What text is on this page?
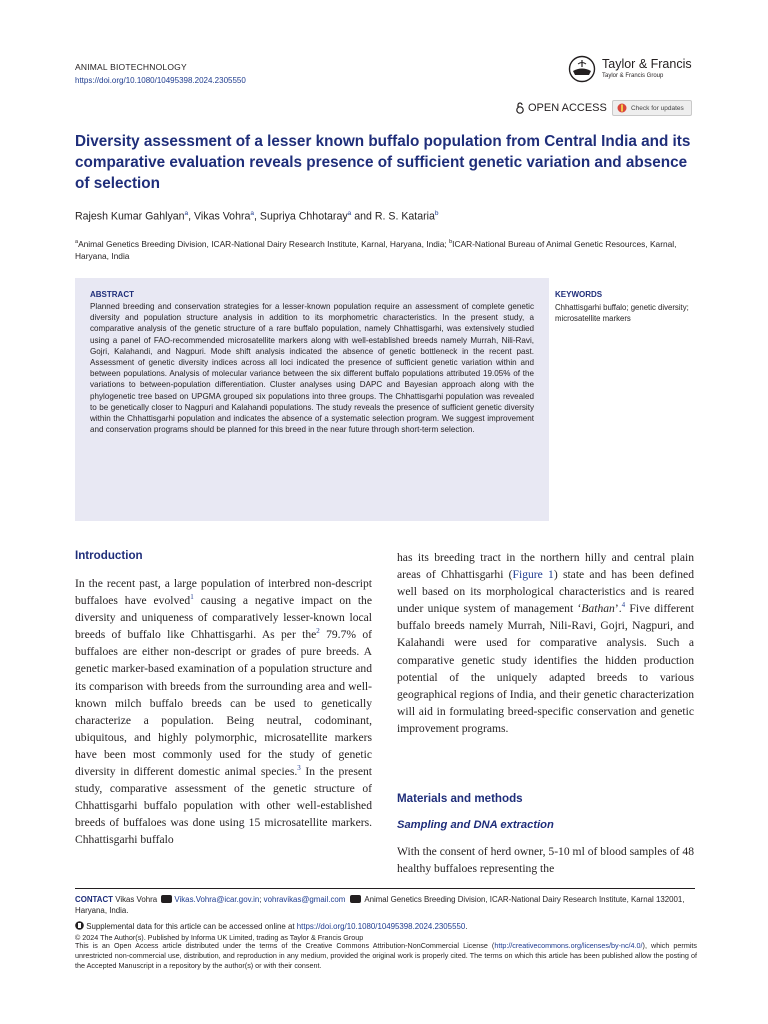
ANIMAL BIOTECHNOLOGY
https://doi.org/10.1080/10495398.2024.2305550
Taylor & Francis
Taylor & Francis Group
OPEN ACCESS	Check for updates
Diversity assessment of a lesser known buffalo population from Central India and its comparative evaluation reveals presence of sufficient genetic variation and absence of selection
Rajesh Kumar Gahlyan$^a$, Vikas Vohra$^a$, Supriya Chhotaray$^a$ and R. S. Kataria$^b$
$^a$Animal Genetics Breeding Division, ICAR-National Dairy Research Institute, Karnal, Haryana, India; $^b$ICAR-National Bureau of Animal Genetic Resources, Karnal, Haryana, India
ABSTRACT
Planned breeding and conservation strategies for a lesser-known population require an assessment of complete genetic diversity and population structure analysis in addition to its morphometric characteristics. In the present study, a comparative analysis of the genetic structure of a rare buffalo population, namely Chhattisgarhi, was extensively studied using a panel of FAO-recommended microsatellite markers along with well-established breeds namely Murrah, Nili-Ravi, Gojri, Kalahandi, and Nagpuri. Mode shift analysis indicated the absence of genetic bottleneck in the recent past. Assessment of genetic diversity indices across all loci indicated the presence of sufficient genetic variation within and between populations. Analysis of molecular variance between the six different buffalo populations attributed 19.05% of the variations to between-population differentiation. Cluster analyses using DAPC and Bayesian approach along with the phylogenetic tree based on UPGMA grouped six populations into three groups. The Chhattisgarhi population was revealed to be genetically closer to Nagpuri and Kalahandi populations. The study reveals the presence of sufficient genetic diversity within the Chhattisgarhi population and indicates the absence of a systematic selection program. We suggest improvement and conservation programs should be planned for this breed in the near future through short-term selection.
KEYWORDS
Chhattisgarhi buffalo; genetic diversity; microsatellite markers
Introduction
In the recent past, a large population of interbred non-descript buffaloes have evolved$^1$ causing a negative impact on the diversity and uniqueness of comparatively lesser-known local breeds of buffalo like Chhattisgarhi. As per the$^2$ 79.7% of buffaloes are either non-descript or grades of pure breeds. A genetic marker-based examination of a population structure and its comparison with breeds from the surrounding area and well-known milch buffalo breeds can be used to genetically characterize a population. Being neutral, codominant, ubiquitous, and highly polymorphic, microsatellite markers have been most commonly used for the study of genetic diversity in different domestic animal species.$^3$ In the present study, comparative assessment of the genetic structure of Chhattisgarhi buffalo population with other well-established breeds of buffaloes was done using 15 microsatellite markers. Chhattisgarhi buffalo
has its breeding tract in the northern hilly and central plain areas of Chhattisgarhi (Figure 1) state and has been defined well based on its morphological characteristics and is reared under unique system of management ‘Bathan’.$^4$ Five different buffalo breeds namely Murrah, Nili-Ravi, Gojri, Nagpuri, and Kalahandi were used for comparative analysis. Such a comparative genetic study identifies the hidden production potential of the uniquely adapted breeds to various geographical regions of India, and their genetic characterization will aid in formulating breed-specific conservation and genetic improvement programs.
Materials and methods
Sampling and DNA extraction
With the consent of herd owner, 5-10 ml of blood samples of 48 healthy buffaloes representing the
CONTACT Vikas Vohra Vikas.Vohra@icar.gov.in; vohravikas@gmail.com  Animal Genetics Breeding Division, ICAR-National Dairy Research Institute, Karnal 132001, Haryana, India.
Supplemental data for this article can be accessed online at https://doi.org/10.1080/10495398.2024.2305550.
© 2024 The Author(s). Published by Informa UK Limited, trading as Taylor & Francis Group
This is an Open Access article distributed under the terms of the Creative Commons Attribution-NonCommercial License (http://creativecommons.org/licenses/by-nc/4.0/), which permits unrestricted non-commercial use, distribution, and reproduction in any medium, provided the original work is properly cited. The terms on which this article has been published allow the posting of the Accepted Manuscript in a repository by the author(s) or with their consent.
